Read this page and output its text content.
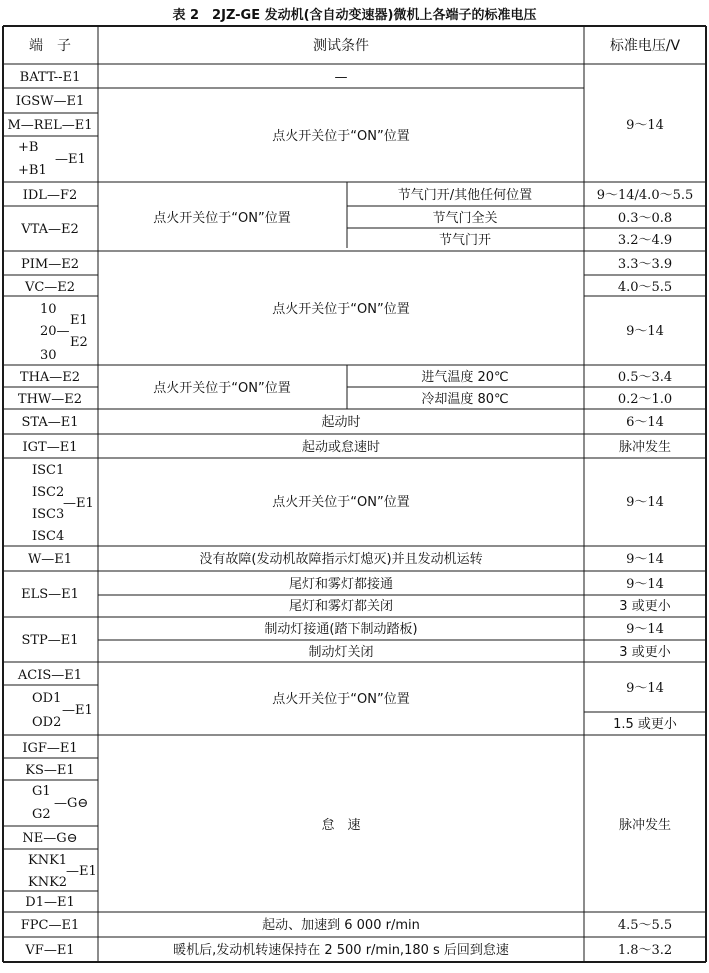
表 2　2JZ-GE 发动机(含自动变速器)微机上各端子的标准电压
端　子	测试条件	标准电压/V
BATT--E1
IGSW—E1
M—REL—E1
+B
+B1
—E1
IDL—F2
VTA—E2
PIM—E2
VC—E2
10
20—
30
E1
E2
THA—E2
THW—E2
STA—E1
IGT—E1
ISC1
ISC2
ISC3
ISC4
—E1
W—E1
ELS—E1
STP—E1
ACIS—E1
OD1
OD2
—E1
IGF—E1
KS—E1
G1
G2
—G⊖
NE—G⊖
KNK1
KNK2
—E1
D1—E1
FPC—E1
VF—E1
—
点火开关位于“ON”位置
点火开关位于“ON”位置
节气门开/其他任何位置
节气门全关
节气门开
点火开关位于“ON”位置
点火开关位于“ON”位置
进气温度 20℃
冷却温度 80℃
起动时
起动或怠速时
点火开关位于“ON”位置
没有故障(发动机故障指示灯熄灭)并且发动机运转
尾灯和雾灯都接通
尾灯和雾灯都关闭
制动灯接通(踏下制动踏板)
制动灯关闭
点火开关位于“ON”位置
怠　速
起动、加速到 6 000 r/min
暖机后,发动机转速保持在 2 500 r/min,180 s 后回到怠速
9～14
9～14/4.0～5.5
0.3～0.8
3.2～4.9
3.3～3.9
4.0～5.5
9～14
0.5～3.4
0.2～1.0
6～14
脉冲发生
9～14
9～14
9～14
3 或更小
9～14
3 或更小
9～14
1.5 或更小
脉冲发生
4.5～5.5
1.8～3.2
